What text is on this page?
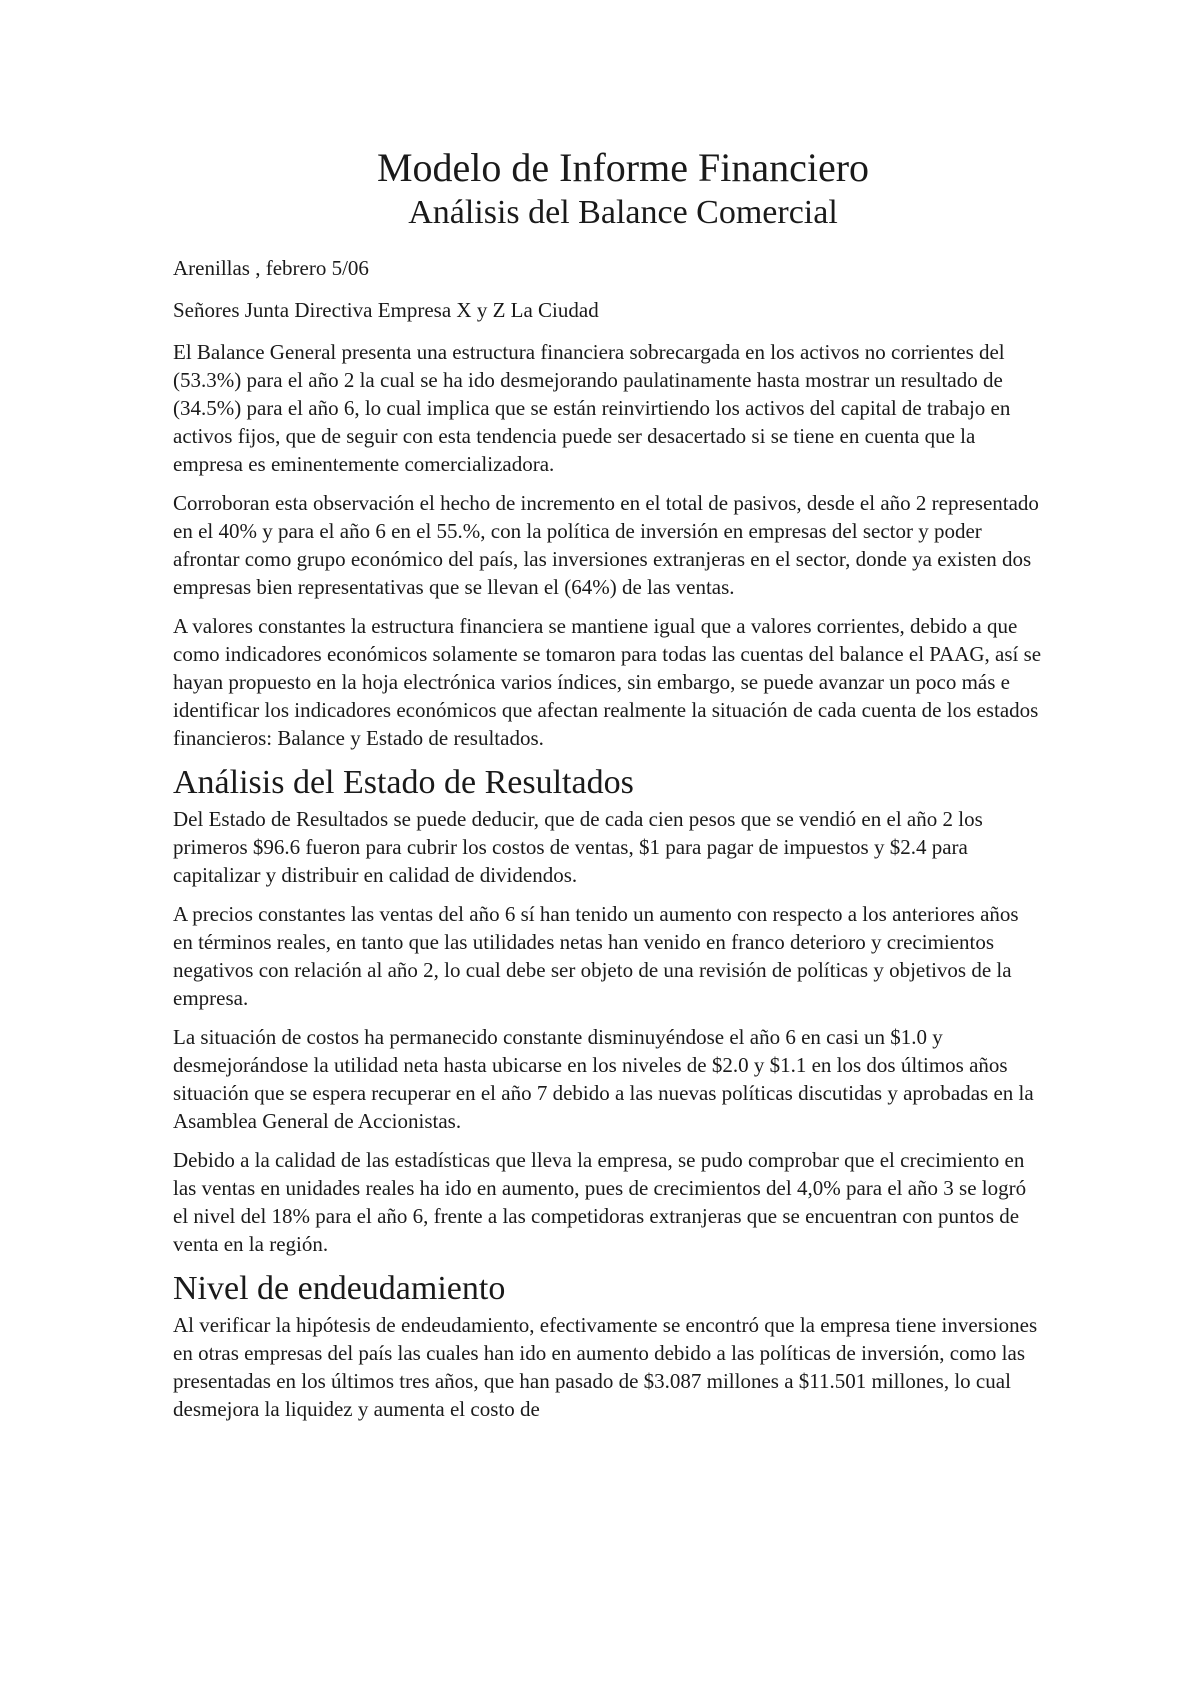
Modelo de Informe Financiero
Análisis del Balance Comercial
Arenillas , febrero 5/06
Señores Junta Directiva Empresa X y Z La Ciudad

El Balance General presenta una estructura financiera sobrecargada en los activos no corrientes del (53.3%) para el año 2 la cual se ha ido desmejorando paulatinamente hasta mostrar un resultado de (34.5%) para el año 6, lo cual implica que se están reinvirtiendo los activos del capital de trabajo en activos fijos, que de seguir con esta tendencia puede ser desacertado si se tiene en cuenta que la empresa es eminentemente comercializadora.

Corroboran esta observación el hecho de incremento en el total de pasivos, desde el año 2 representado en el 40% y para el año 6 en el 55.%, con la política de inversión en empresas del sector y poder afrontar como grupo económico del país, las inversiones extranjeras en el sector, donde ya existen dos empresas bien representativas que se llevan el (64%) de las ventas.

A valores constantes la estructura financiera se mantiene igual que a valores corrientes, debido a que como indicadores económicos solamente se tomaron para todas las cuentas del balance el PAAG, así se hayan propuesto en la hoja electrónica varios índices, sin embargo, se puede avanzar un poco más e identificar los indicadores económicos que afectan realmente la situación de cada cuenta de los estados financieros: Balance y Estado de resultados.

Análisis del Estado de Resultados

Del Estado de Resultados se puede deducir, que de cada cien pesos que se vendió en el año 2 los primeros $96.6 fueron para cubrir los costos de ventas, $1 para pagar de impuestos y $2.4 para capitalizar y distribuir en calidad de dividendos.

A precios constantes las ventas del año 6 sí han tenido un aumento con respecto a los anteriores años en términos reales, en tanto que las utilidades netas han venido en franco deterioro y crecimientos negativos con relación al año 2, lo cual debe ser objeto de una revisión de políticas y objetivos de la empresa.

La situación de costos ha permanecido constante disminuyéndose el año 6 en casi un $1.0 y desmejorándose la utilidad neta hasta ubicarse en los niveles de $2.0 y $1.1 en los dos últimos años situación que se espera recuperar en el año 7 debido a las nuevas políticas discutidas y aprobadas en la Asamblea General de Accionistas.

Debido a la calidad de las estadísticas que lleva la empresa, se pudo comprobar que el crecimiento en las ventas en unidades reales ha ido en aumento, pues de crecimientos del 4,0% para el año 3 se logró el nivel del 18% para el año 6, frente a las competidoras extranjeras que se encuentran con puntos de venta en la región.

Nivel de endeudamiento

Al verificar la hipótesis de endeudamiento, efectivamente se encontró que la empresa tiene inversiones en otras empresas del país las cuales han ido en aumento debido a las políticas de inversión, como las presentadas en los últimos tres años, que han pasado de $3.087 millones a $11.501 millones, lo cual desmejora la liquidez y aumenta el costo de
